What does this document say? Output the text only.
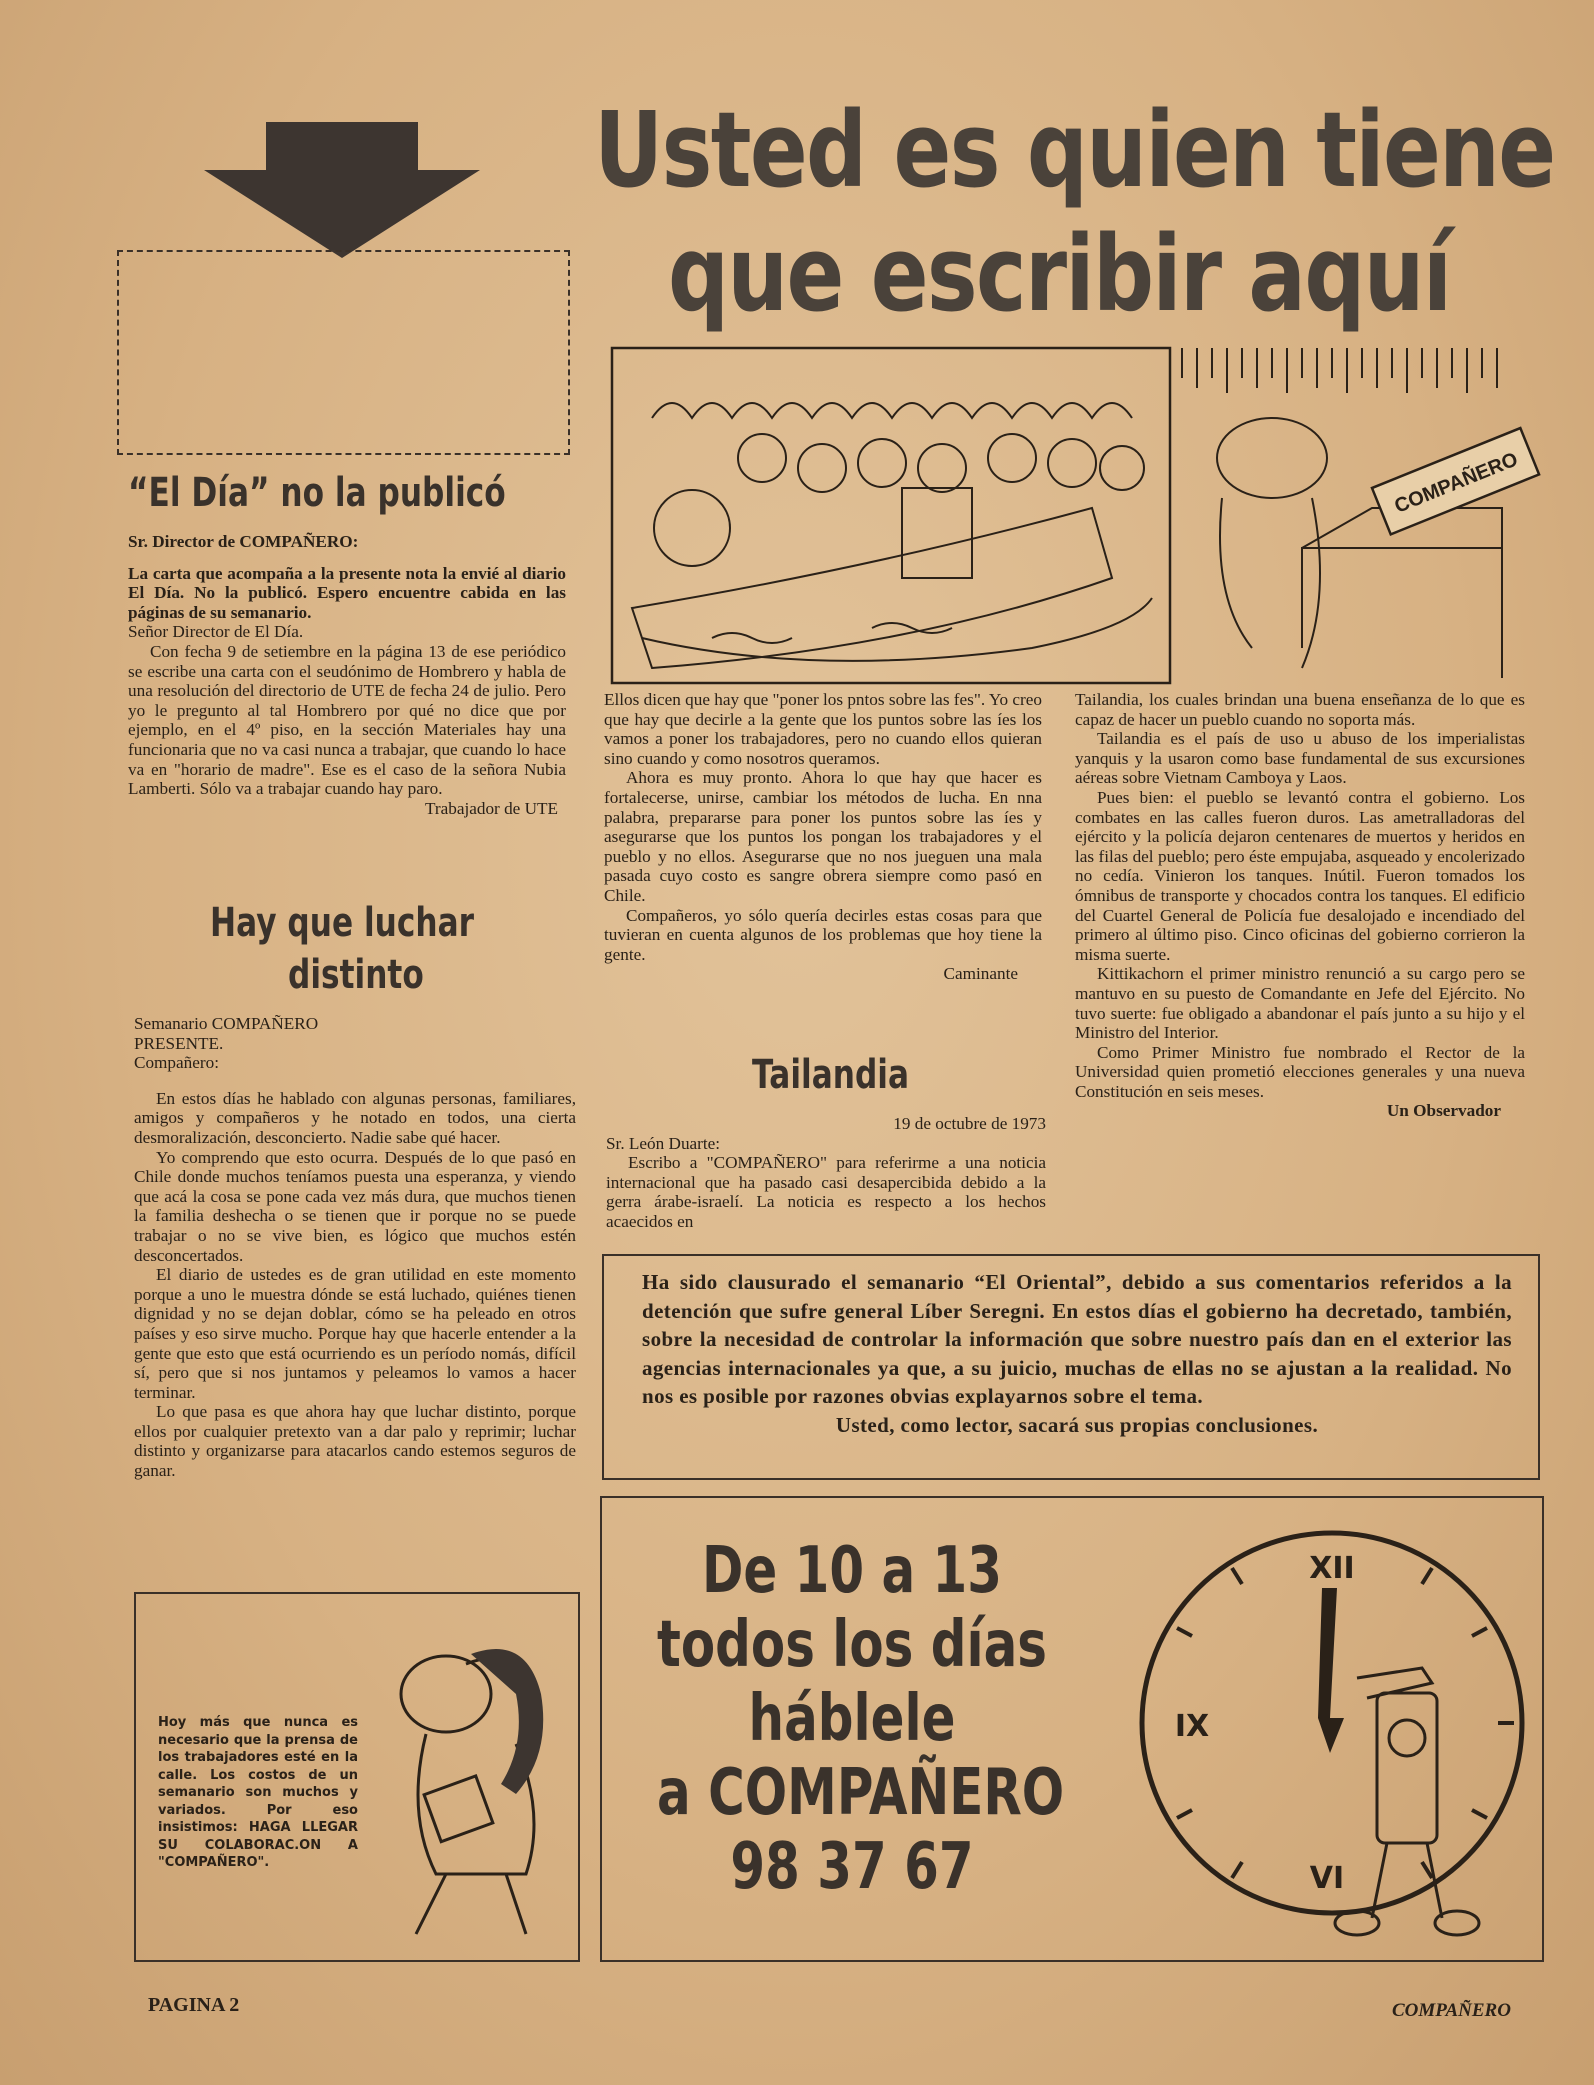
Usted es quien tiene
que escribir aquí
COMPAÑERO
“El Día” no la publicó

Sr. Director de COMPAÑERO:

La carta que acompaña a la presente nota la envié al diario El Día. No la publicó. Espero encuentre cabida en las páginas de su semanario.

Señor Director de El Día.

Con fecha 9 de setiembre en la página 13 de ese periódico se escribe una carta con el seudónimo de Hombrero y habla de una resolución del directorio de UTE de fecha 24 de julio. Pero yo le pregunto al tal Hombrero por qué no dice que por ejemplo, en el 4º piso, en la sección Materiales hay una funcionaria que no va casi nunca a trabajar, que cuando lo hace va en "horario de madre". Ese es el caso de la señora Nubia Lamberti. Sólo va a trabajar cuando hay paro.

Trabajador de UTE

Hay que luchar
distinto

Semanario COMPAÑERO

PRESENTE.

Compañero:

En estos días he hablado con algunas personas, familiares, amigos y compañeros y he notado en todos, una cierta desmoralización, desconcierto. Nadie sabe qué hacer.

Yo comprendo que esto ocurra. Después de lo que pasó en Chile donde muchos teníamos puesta una esperanza, y viendo que acá la cosa se pone cada vez más dura, que muchos tienen la familia deshecha o se tienen que ir porque no se puede trabajar o no se vive bien, es lógico que muchos estén desconcertados.

El diario de ustedes es de gran utilidad en este momento porque a uno le muestra dónde se está luchado, quiénes tienen dignidad y no se dejan doblar, cómo se ha peleado en otros países y eso sirve mucho. Porque hay que hacerle entender a la gente que esto que está ocurriendo es un período nomás, difícil sí, pero que si nos juntamos y peleamos lo vamos a hacer terminar.

Lo que pasa es que ahora hay que luchar distinto, porque ellos por cualquier pretexto van a dar palo y reprimir; luchar distinto y organizarse para atacarlos cando estemos seguros de ganar.

Ellos dicen que hay que "poner los pntos sobre las fes". Yo creo que hay que decirle a la gente que los puntos sobre las íes los vamos a poner los trabajadores, pero no cuando ellos quieran sino cuando y como nosotros queramos.

Ahora es muy pronto. Ahora lo que hay que hacer es fortalecerse, unirse, cambiar los métodos de lucha. En nna palabra, prepararse para poner los puntos sobre las íes y asegurarse que los puntos los pongan los trabajadores y el pueblo y no ellos. Asegurarse que no nos jueguen una mala pasada cuyo costo es sangre obrera siempre como pasó en Chile.

Compañeros, yo sólo quería decirles estas cosas para que tuvieran en cuenta algunos de los problemas que hoy tiene la gente.

Caminante

Tailandia

19 de octubre de 1973

Sr. León Duarte:

Escribo a "COMPAÑERO" para referirme a una noticia internacional que ha pasado casi desapercibida debido a la gerra árabe-israelí. La noticia es respecto a los hechos acaecidos en

Tailandia, los cuales brindan una buena enseñanza de lo que es capaz de hacer un pueblo cuando no soporta más.

Tailandia es el país de uso u abuso de los imperialistas yanquis y la usaron como base fundamental de sus excursiones aéreas sobre Vietnam Camboya y Laos.

Pues bien: el pueblo se levantó contra el gobierno. Los combates en las calles fueron duros. Las ametralladoras del ejército y la policía dejaron centenares de muertos y heridos en las filas del pueblo; pero éste empujaba, asqueado y encolerizado no cedía. Vinieron los tanques. Inútil. Fueron tomados los ómnibus de transporte y chocados contra los tanques. El edificio del Cuartel General de Policía fue desalojado e incendiado del primero al último piso. Cinco oficinas del gobierno corrieron la misma suerte.

Kittikachorn el primer ministro renunció a su cargo pero se mantuvo en su puesto de Comandante en Jefe del Ejército. No tuvo suerte: fue obligado a abandonar el país junto a su hijo y el Ministro del Interior.

Como Primer Ministro fue nombrado el Rector de la Universidad quien prometió elecciones generales y una nueva Constitución en seis meses.

Un Observador

Ha sido clausurado el semanario “El Oriental”, debido a sus comentarios referidos a la detención que sufre general Líber Seregni. En estos días el gobierno ha decretado, también, sobre la necesidad de controlar la información que sobre nuestro país dan en el exterior las agencias internacionales ya que, a su juicio, muchas de ellas no se ajustan a la realidad. No nos es posible por razones obvias explayarnos sobre el tema.
Usted, como lector, sacará sus propias conclusiones.
De 10 a 13
todos los días
háblele
a COMPAÑERO
98 37 67
XII
IX
VI
Hoy más que nunca es necesario que la prensa de los trabajadores esté en la calle. Los costos de un semanario son muchos y variados. Por eso insistimos: HAGA LLEGAR SU COLABORAC.ON A "COMPAÑERO".
PAGINA 2	COMPAÑERO
